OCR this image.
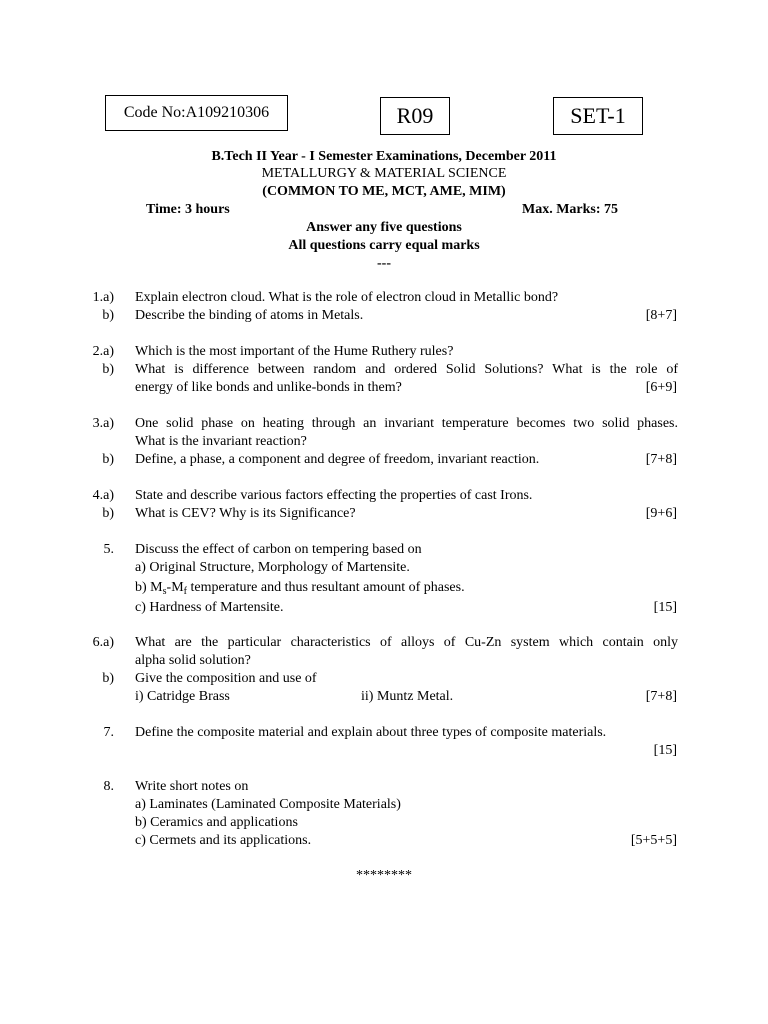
Code No:A109210306	R09	SET-1
B.Tech II Year - I Semester Examinations, December 2011
METALLURGY & MATERIAL SCIENCE
(COMMON TO ME, MCT, AME, MIM)
Time: 3 hours	Max. Marks: 75
Answer any five questions
All questions carry equal marks
---
1.a) Explain electron cloud. What is the role of electron cloud in Metallic bond?
b) Describe the binding of atoms in Metals.	[8+7]
2.a) Which is the most important of the Hume Ruthery rules?
b) What is difference between random and ordered Solid Solutions? What is the role of
energy of like bonds and unlike-bonds in them?	[6+9]
3.a) One solid phase on heating through an invariant temperature becomes two solid phases.
What is the invariant reaction?
b) Define, a phase, a component and degree of freedom, invariant reaction.	[7+8]
4.a) State and describe various factors effecting the properties of cast Irons.
b) What is CEV? Why is its Significance?	[9+6]
5. Discuss the effect of carbon on tempering based on
a) Original Structure, Morphology of Martensite.
b) $M_s-M_f$ temperature and thus resultant amount of phases.
c) Hardness of Martensite.	[15]
6.a) What are the particular characteristics of alloys of Cu-Zn system which contain only
alpha solid solution?
b) Give the composition and use of
i) Catridge Brass	ii) Muntz Metal.	[7+8]
7. Define the composite material and explain about three types of composite materials.
[15]
8. Write short notes on
a) Laminates (Laminated Composite Materials)
b) Ceramics and applications
c) Cermets and its applications.	[5+5+5]
********
